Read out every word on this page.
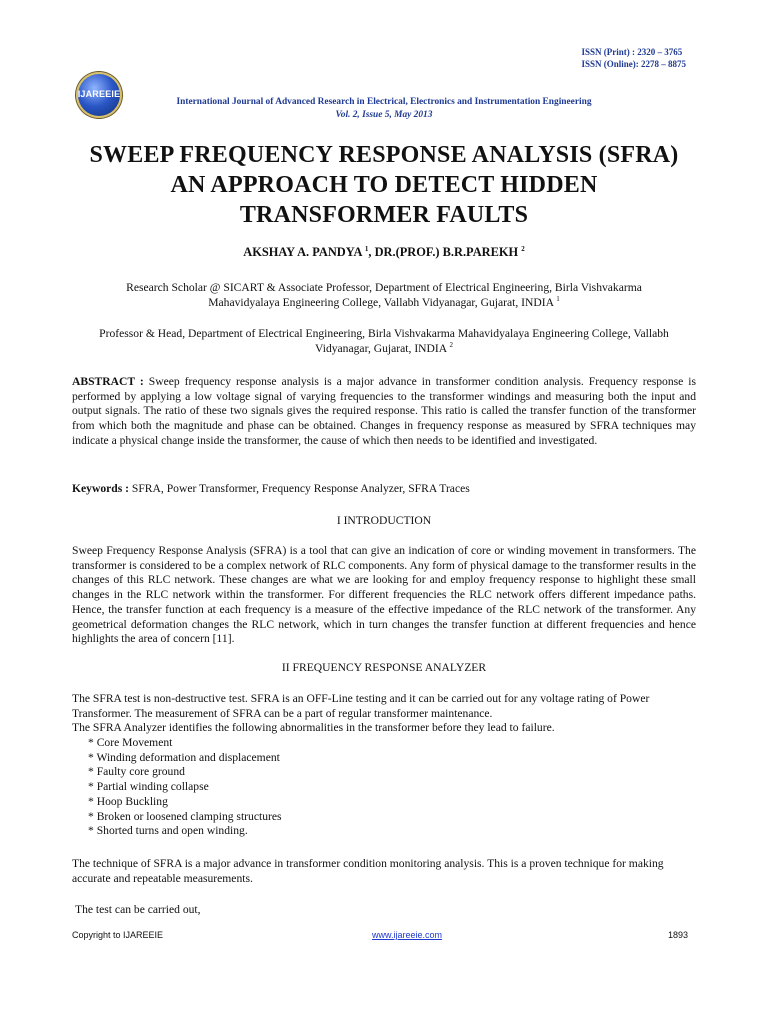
ISSN (Print) : 2320 – 3765
ISSN (Online): 2278 – 8875
IJAREEIE
International Journal of Advanced Research in Electrical, Electronics and Instrumentation Engineering
Vol. 2, Issue 5, May 2013
SWEEP FREQUENCY RESPONSE ANALYSIS (SFRA)
AN APPROACH TO DETECT HIDDEN
TRANSFORMER FAULTS
AKSHAY A. PANDYA $^1$, DR.(PROF.) B.R.PAREKH $^2$
Research Scholar @ SICART & Associate Professor, Department of Electrical Engineering, Birla Vishvakarma
Mahavidyalaya Engineering College, Vallabh Vidyanagar, Gujarat, INDIA $^1$
Professor & Head, Department of Electrical Engineering, Birla Vishvakarma Mahavidyalaya Engineering College, Vallabh
Vidyanagar, Gujarat, INDIA $^2$
ABSTRACT : Sweep frequency response analysis is a major advance in transformer condition analysis. Frequency response is performed by applying a low voltage signal of varying frequencies to the transformer windings and measuring both the input and output signals. The ratio of these two signals gives the required response. This ratio is called the transfer function of the transformer from which both the magnitude and phase can be obtained. Changes in frequency response as measured by SFRA techniques may indicate a physical change inside the transformer, the cause of which then needs to be identified and investigated.
Keywords : SFRA, Power Transformer, Frequency Response Analyzer, SFRA Traces
I INTRODUCTION
Sweep Frequency Response Analysis (SFRA) is a tool that can give an indication of core or winding movement in transformers. The transformer is considered to be a complex network of RLC components. Any form of physical damage to the transformer results in the changes of this RLC network. These changes are what we are looking for and employ frequency response to highlight these small changes in the RLC network within the transformer. For different frequencies the RLC network offers different impedance paths. Hence, the transfer function at each frequency is a measure of the effective impedance of the RLC network of the transformer. Any geometrical deformation changes the RLC network, which in turn changes the transfer function at different frequencies and hence highlights the area of concern [11].
II FREQUENCY RESPONSE ANALYZER
The SFRA test is non-destructive test. SFRA is an OFF-Line testing and it can be carried out for any voltage rating of Power Transformer. The measurement of SFRA can be a part of regular transformer maintenance.
The SFRA Analyzer identifies the following abnormalities in the transformer before they lead to failure.
* Core Movement
* Winding deformation and displacement
* Faulty core ground
* Partial winding collapse
* Hoop Buckling
* Broken or loosened clamping structures
* Shorted turns and open winding.
The technique of SFRA is a major advance in transformer condition monitoring analysis. This is a proven technique for making accurate and repeatable measurements.
The test can be carried out,
Copyright to IJAREEIE	www.ijareeie.com	1893
